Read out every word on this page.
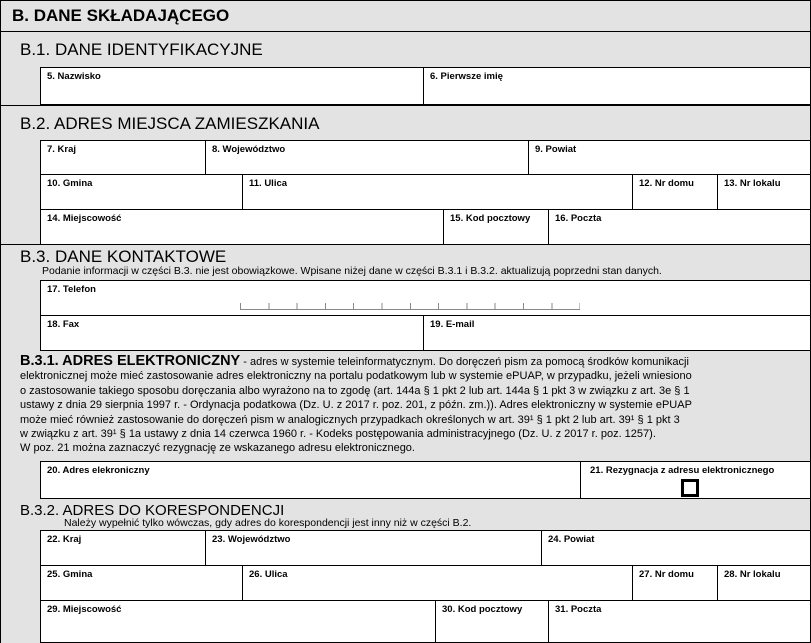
B. DANE SKŁADAJĄCEGO
B.1. DANE IDENTYFIKACYJNE
5. Nazwisko	6. Pierwsze imię
B.2. ADRES MIEJSCA ZAMIESZKANIA
7. Kraj	8. Województwo	9. Powiat
10. Gmina	11. Ulica	12. Nr domu	13. Nr lokalu
14. Miejscowość	15. Kod pocztowy	16. Poczta
B.3. DANE KONTAKTOWE
Podanie informacji w części B.3. nie jest obowiązkowe. Wpisane niżej dane w części B.3.1 i B.3.2. aktualizują poprzedni stan danych.
17. Telefon
18. Fax	19. E-mail
B.3.1. ADRES ELEKTRONICZNY - adres w systemie teleinformatycznym. Do doręczeń pism za pomocą środków komunikacji
elektronicznej może mieć zastosowanie adres elektroniczny na portalu podatkowym lub w systemie ePUAP, w przypadku, jeżeli wniesiono
o zastosowanie takiego sposobu doręczania albo wyrażono na to zgodę (art. 144a § 1 pkt 2 lub art. 144a § 1 pkt 3 w związku z art. 3e § 1
ustawy z dnia 29 sierpnia 1997 r. - Ordynacja podatkowa (Dz. U. z 2017 r. poz. 201, z późn. zm.)). Adres elektroniczny w systemie ePUAP
może mieć również zastosowanie do doręczeń pism w analogicznych przypadkach określonych w art. 39¹ § 1 pkt 2 lub art. 39¹ § 1 pkt 3
w związku z art. 39¹ § 1a ustawy z dnia 14 czerwca 1960 r. - Kodeks postępowania administracyjnego (Dz. U. z 2017 r. poz. 1257).
W poz. 21 można zaznaczyć rezygnację ze wskazanego adresu elektronicznego.
20. Adres elekroniczny	21. Rezygnacja z adresu elektronicznego
B.3.2. ADRES DO KORESPONDENCJI
Należy wypełnić tylko wówczas, gdy adres do korespondencji jest inny niż w części B.2.
22. Kraj	23. Województwo	24. Powiat
25. Gmina	26. Ulica	27. Nr domu	28. Nr lokalu
29. Miejscowość	30. Kod pocztowy	31. Poczta
